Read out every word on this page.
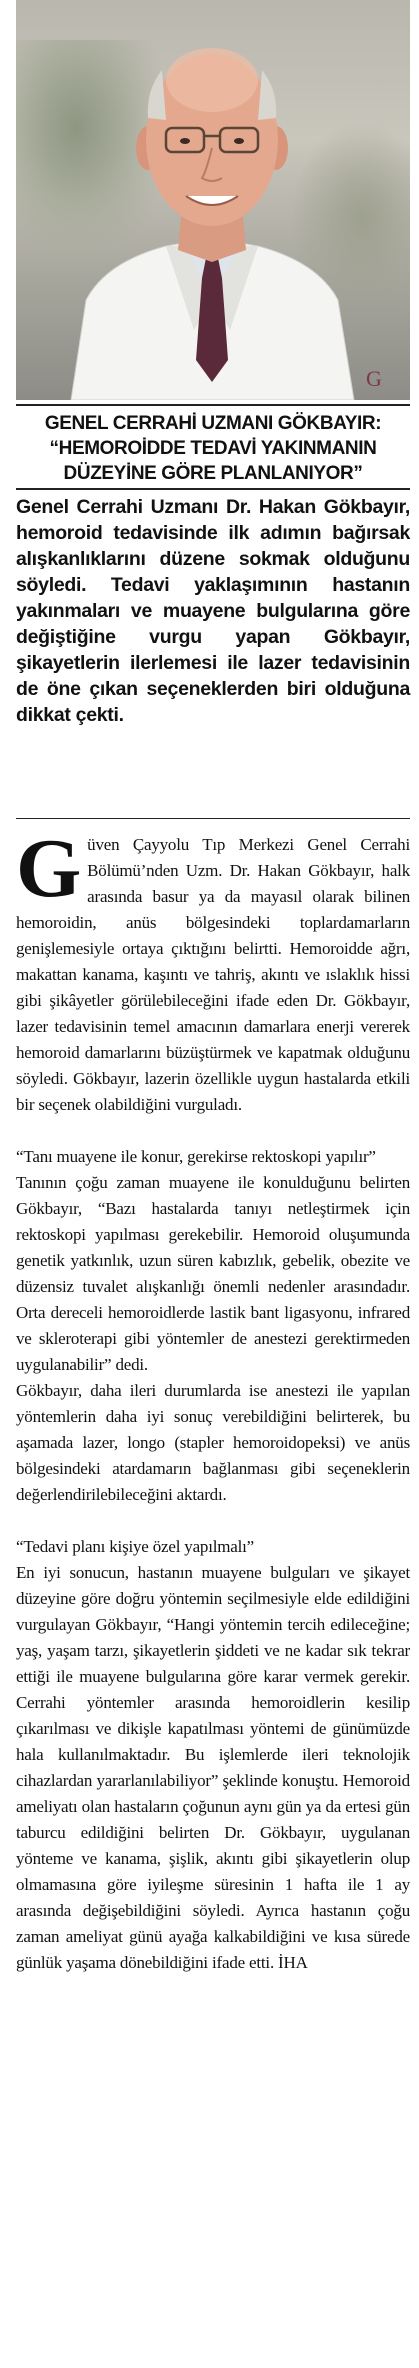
G
GENEL CERRAHİ UZMANI GÖKBAYIR:
“HEMOROİDDE TEDAVİ YAKINMANIN
DÜZEYİNE GÖRE PLANLANIYOR”

Genel Cerrahi Uzmanı Dr. Hakan Gökbayır, hemoroid tedavisinde ilk adımın bağırsak alışkanlıklarını düzene sokmak olduğunu söyledi. Tedavi yaklaşımının hastanın yakınmaları ve muayene bulgularına göre değiştiğine vurgu yapan Gökbayır, şikayetlerin ilerlemesi ile lazer tedavisinin de öne çıkan seçeneklerden biri olduğuna dikkat çekti.

Güven Çayyolu Tıp Merkezi Genel Cerrahi Bölümü’nden Uzm. Dr. Hakan Gökbayır, halk arasında basur ya da mayasıl olarak bilinen hemoroidin, anüs bölgesindeki toplardamarların genişlemesiyle ortaya çıktığını belirtti. Hemoroidde ağrı, makattan kanama, kaşıntı ve tahriş, akıntı ve ıslaklık hissi gibi şikâyetler görülebileceğini ifade eden Dr. Gökbayır, lazer tedavisinin temel amacının damarlara enerji vererek hemoroid damarlarını büzüştürmek ve kapatmak olduğunu söyledi. Gökbayır, lazerin özellikle uygun hastalarda etkili bir seçenek olabildiğini vurguladı.

“Tanı muayene ile konur, gerekirse rektoskopi yapılır”

Tanının çoğu zaman muayene ile konulduğunu belirten Gökbayır, “Bazı hastalarda tanıyı netleştirmek için rektoskopi yapılması gerekebilir. Hemoroid oluşumunda genetik yatkınlık, uzun süren kabızlık, gebelik, obezite ve düzensiz tuvalet alışkanlığı önemli nedenler arasındadır. Orta dereceli hemoroidlerde lastik bant ligasyonu, infrared ve skleroterapi gibi yöntemler de anestezi gerektirmeden uygulanabilir” dedi.

Gökbayır, daha ileri durumlarda ise anestezi ile yapılan yöntemlerin daha iyi sonuç verebildiğini belirterek, bu aşamada lazer, longo (stapler hemoroidopeksi) ve anüs bölgesindeki atardamarın bağlanması gibi seçeneklerin değerlendirilebileceğini aktardı.

“Tedavi planı kişiye özel yapılmalı”

En iyi sonucun, hastanın muayene bulguları ve şikayet düzeyine göre doğru yöntemin seçilmesiyle elde edildiğini vurgulayan Gökbayır, “Hangi yöntemin tercih edileceğine; yaş, yaşam tarzı, şikayetlerin şiddeti ve ne kadar sık tekrar ettiği ile muayene bulgularına göre karar vermek gerekir. Cerrahi yöntemler arasında hemoroidlerin kesilip çıkarılması ve dikişle kapatılması yöntemi de günümüzde hala kullanılmaktadır. Bu işlemlerde ileri teknolojik cihazlardan yararlanılabiliyor” şeklinde konuştu. Hemoroid ameliyatı olan hastaların çoğunun aynı gün ya da ertesi gün taburcu edildiğini belirten Dr. Gökbayır, uygulanan yönteme ve kanama, şişlik, akıntı gibi şikayetlerin olup olmamasına göre iyileşme süresinin 1 hafta ile 1 ay arasında değişebildiğini söyledi. Ayrıca hastanın çoğu zaman ameliyat günü ayağa kalkabildiğini ve kısa sürede günlük yaşama dönebildiğini ifade etti. İHA
